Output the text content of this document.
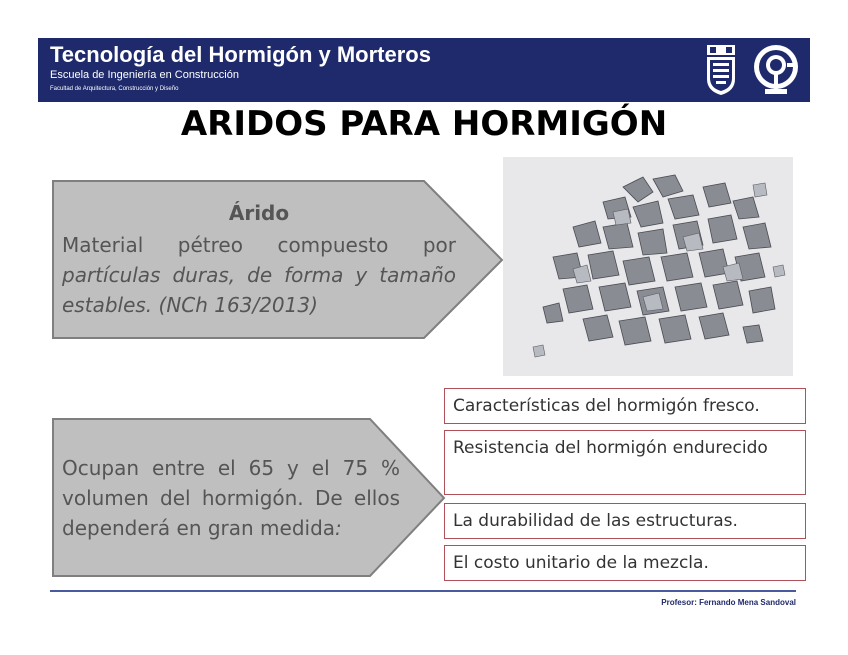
Tecnología del Hormigón y Morteros
Escuela de Ingeniería en Construcción
Facultad de Arquitectura, Construcción y Diseño
ARIDOS PARA HORMIGÓN
Árido
Material pétreo compuesto por partículas duras, de forma y tamaño estables. (NCh 163/2013)
Ocupan entre el 65 y el 75 % volumen del hormigón. De ellos dependerá en gran medida:
Características del hormigón fresco.
Resistencia del hormigón endurecido
La durabilidad de las estructuras.
El costo unitario de la mezcla.
Profesor: Fernando Mena Sandoval
